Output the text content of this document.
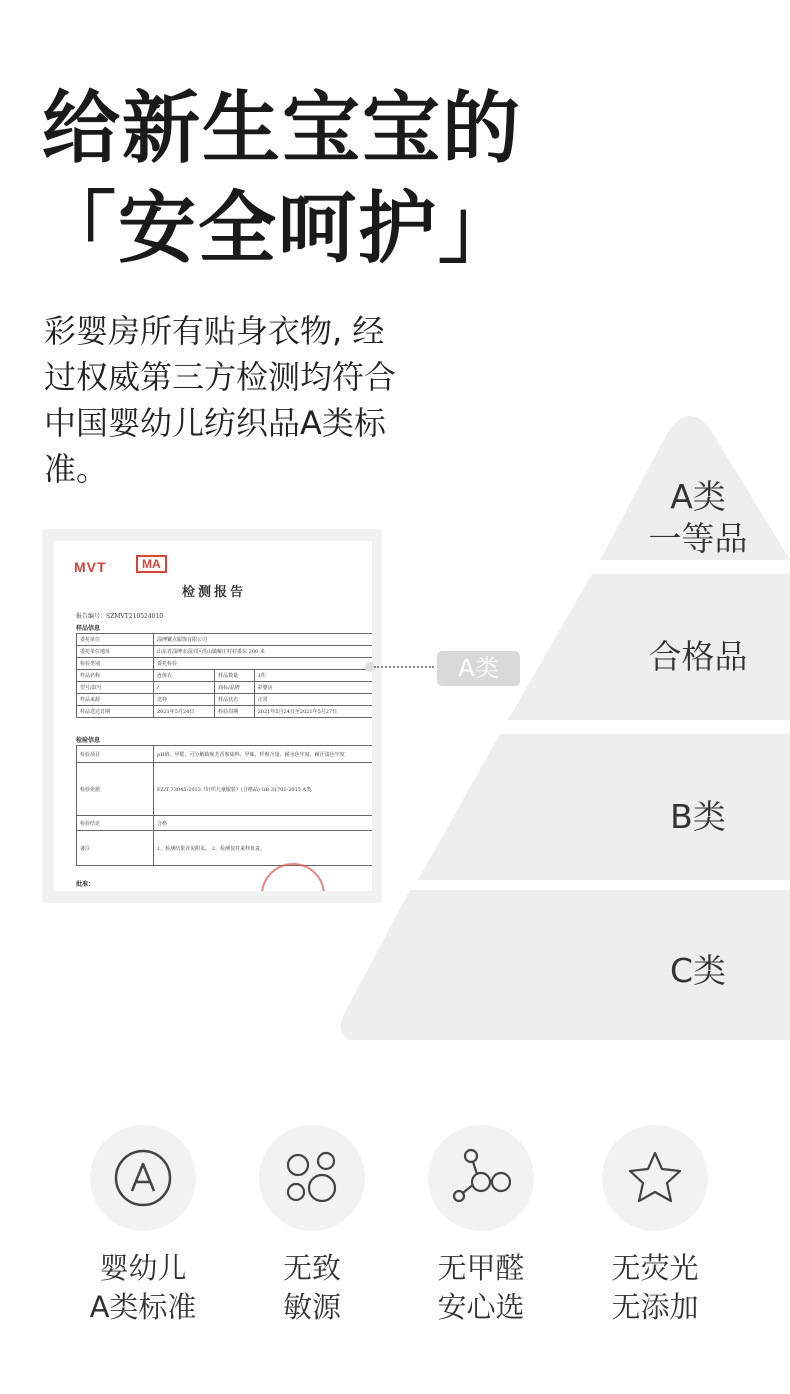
A类
一等品
合格品
B类
C类
给新生宝宝的
「安全呵护」
彩婴房所有贴身衣物, 经
过权威第三方检测均符合
中国婴幼儿纺织品A类标
准。
MVT	MA
检测报告
报告编号：SZMVT210524010
样品信息
委托单位	淄博繁点服饰有限公司		
委托单位地址	山东省淄博市淄川区洪山镇解庄村村委东 200 米		
检验类别	委托检验		
样品名称	连体衣	样品数量	1件
型号/款号	/	商标/品牌	彩婴房
样品来源	送样	样品状态	正常
样品送达日期	2021年5月24日	检验周期	2021年5月24日至2021年5月27日
检验信息
检验项目	pH值、甲醛、可分解致癌芳香胺染料、异味、纤维含量、耐水色牢度、耐汗渍色牢度
检验依据	FZ/T 73045-2013《针织儿童服装》(合格品) GB 31701-2015 A类
检验结论	合格
备注	1、检测结果详见附页。 2、检测仅对来样负责。
批准：
A类
婴幼儿
A类标准
无致
敏源
无甲醛
安心选
无荧光
无添加
